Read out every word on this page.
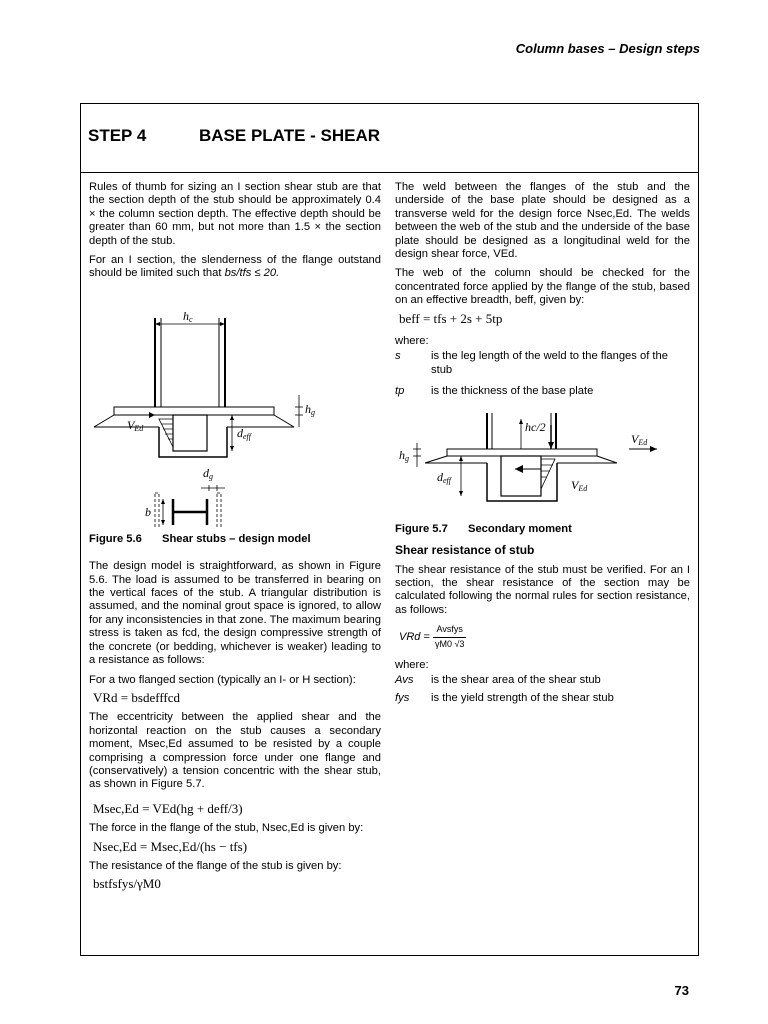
Column bases – Design steps
STEP 4	BASE PLATE - SHEAR

Rules of thumb for sizing an I section shear stub are that the section depth of the stub should be approximately 0.4 × the column section depth. The effective depth should be greater than 60 mm, but not more than 1.5 × the section depth of the stub.

For an I section, the slenderness of the flange outstand should be limited such that bs/tfs ≤ 20.

hc
VEd
hg
deff
dg
b

Figure 5.6 Shear stubs – design model

The design model is straightforward, as shown in Figure 5.6. The load is assumed to be transferred in bearing on the vertical faces of the stub. A triangular distribution is assumed, and the nominal grout space is ignored, to allow for any inconsistencies in that zone. The maximum bearing stress is taken as fcd, the design compressive strength of the concrete (or bedding, whichever is weaker) leading to a resistance as follows:

For a two flanged section (typically an I- or H section):

VRd = bsdefffcd

The eccentricity between the applied shear and the horizontal reaction on the stub causes a secondary moment, Msec,Ed assumed to be resisted by a couple comprising a compression force under one flange and (conservatively) a tension concentric with the shear stub, as shown in Figure 5.7.

Msec,Ed = VEd(hg + deff/3)

The force in the flange of the stub, Nsec,Ed is given by:

Nsec,Ed = Msec,Ed/(hs − tfs)

The resistance of the flange of the stub is given by:

bstfsfys/γM0

The weld between the flanges of the stub and the underside of the base plate should be designed as a transverse weld for the design force Nsec,Ed. The welds between the web of the stub and the underside of the base plate should be designed as a longitudinal weld for the design shear force, VEd.

The web of the column should be checked for the concentrated force applied by the flange of the stub, based on an effective breadth, beff, given by:

beff = tfs + 2s + 5tp

where:

s	is the leg length of the weld to the flanges of the stub
tp	is the thickness of the base plate
hc/2
VEd
hg
deff	VEd

Figure 5.7 Secondary moment

Shear resistance of stub

The shear resistance of the stub must be verified. For an I section, the shear resistance of the section may be calculated following the normal rules for section resistance, as follows:

VRd = $\frac{\text{Avsfys}}{\gamma M0 √3}$

where:

Avs	is the shear area of the shear stub
fys	is the yield strength of the shear stub
73
